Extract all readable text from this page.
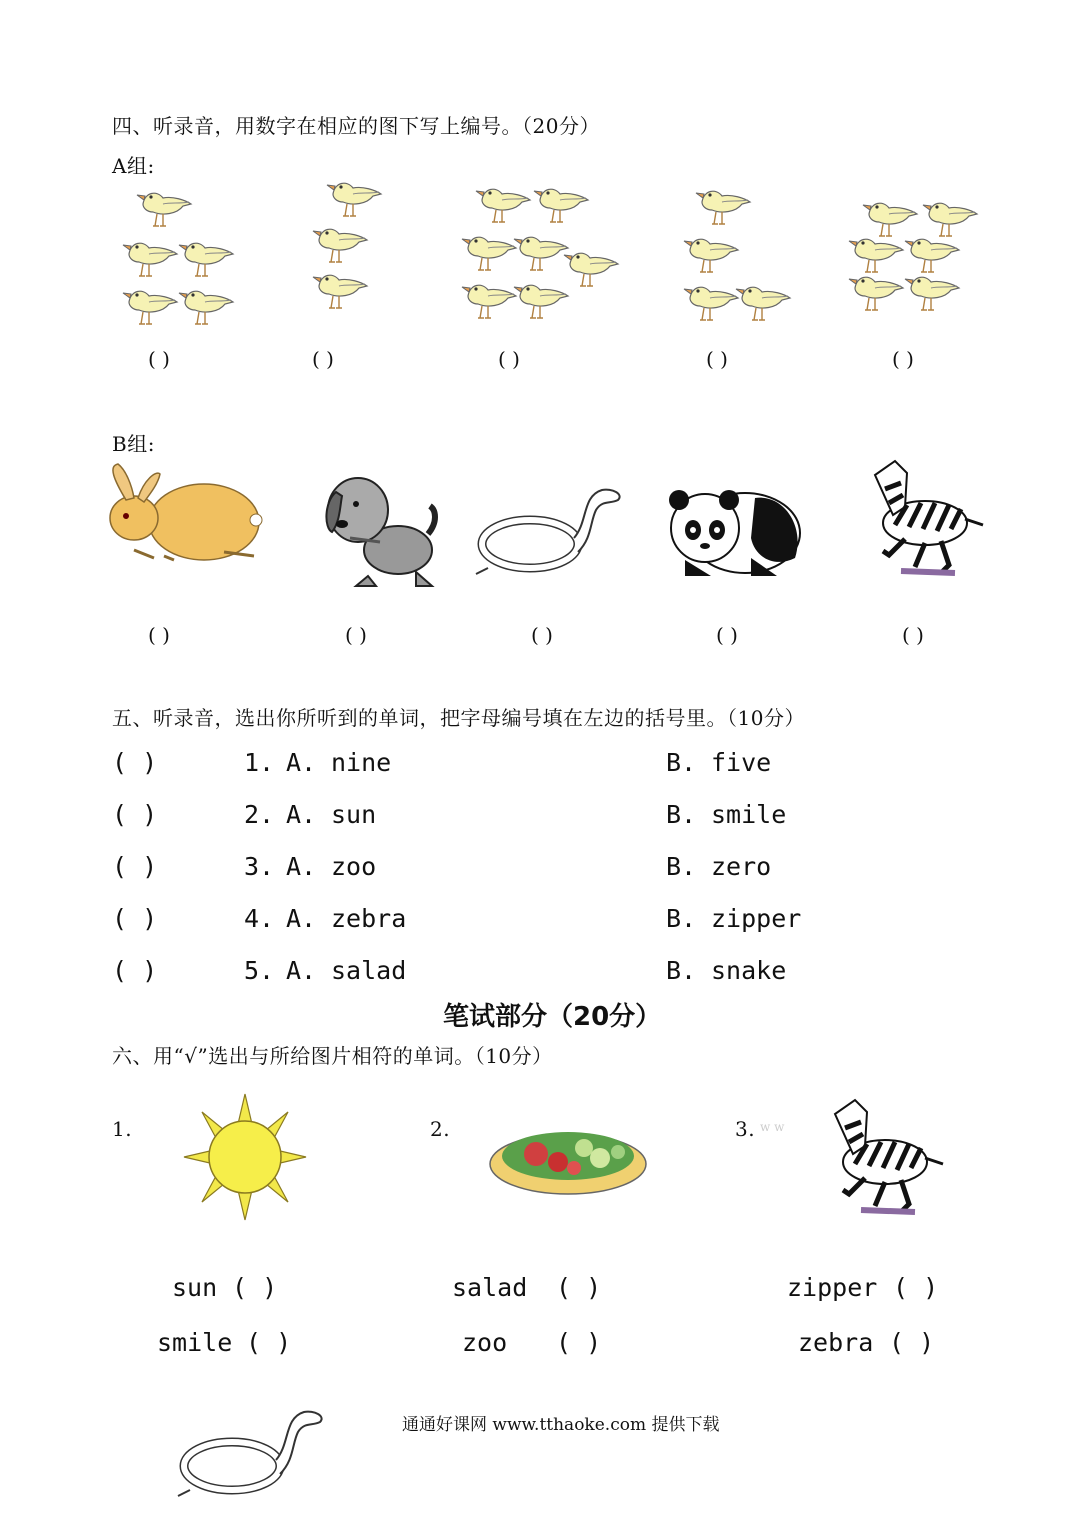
四、听录音，用数字在相应的图下写上编号。（20分）
A组:
( )	( )	( )	( )	( )
B组:
( )	( )	( )	( )	( )
五、听录音，选出你所听到的单词，把字母编号填在左边的括号里。（10分）
( )	1. A. nine	B. five
( )	2. A. sun	B. smile
( )	3. A. zoo	B. zero
( )	4. A. zebra	B. zipper
( )	5. A. salad	B. snake
笔试部分（20分）
六、用“√”选出与所给图片相符的单词。（10分）
1.	2.	3. w w
sun ( )	salad ( )	zipper ( )
smile ( )	zoo ( )	zebra ( )
通通好课网 www.tthaoke.com 提供下载
